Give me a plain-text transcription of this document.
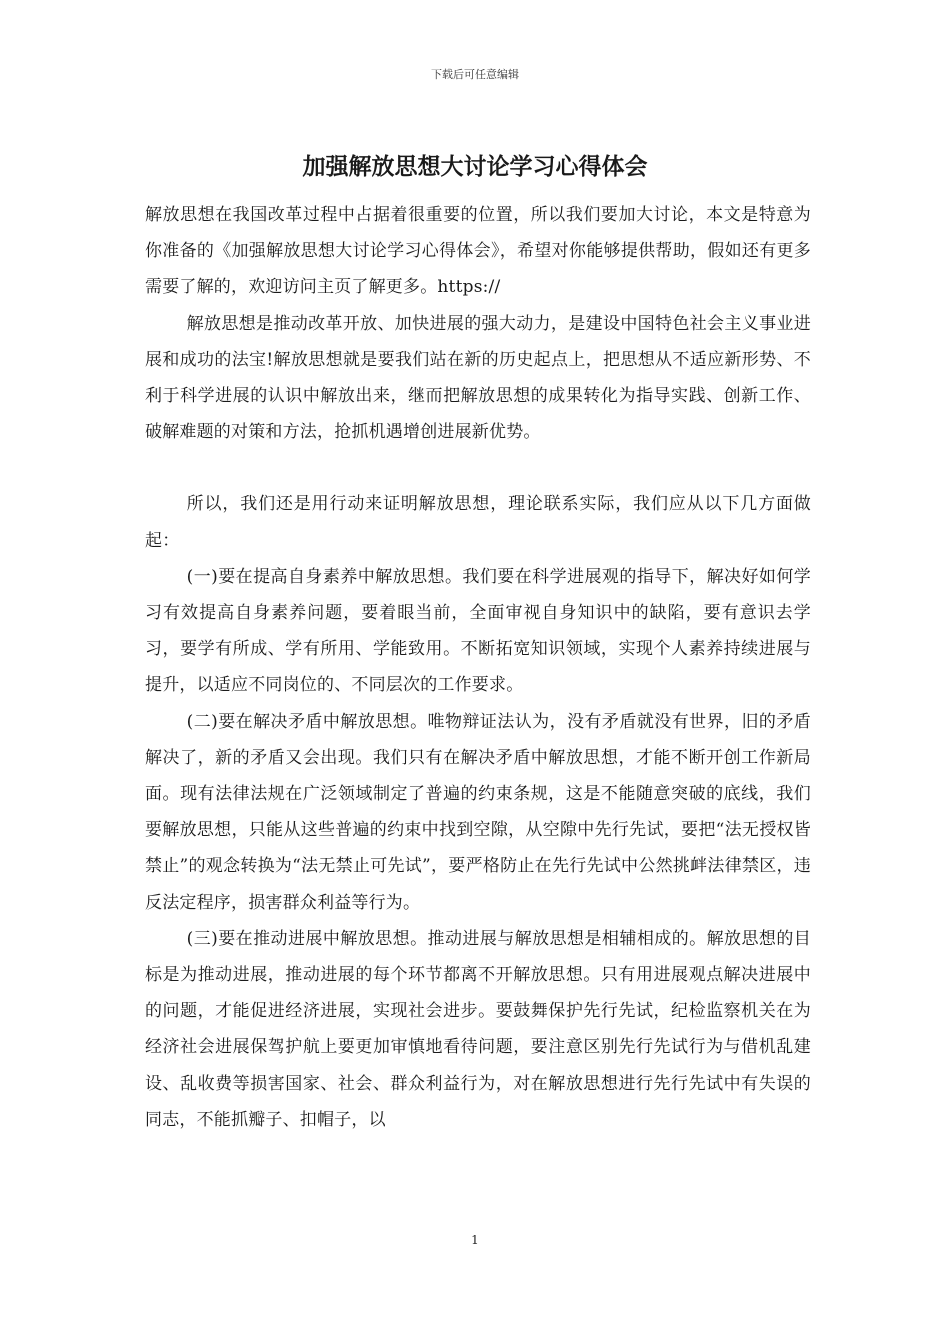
下载后可任意编辑
加强解放思想大讨论学习心得体会

解放思想在我国改革过程中占据着很重要的位置，所以我们要加大讨论，本文是特意为你准备的《加强解放思想大讨论学习心得体会》，希望对你能够提供帮助，假如还有更多需要了解的，欢迎访问主页了解更多。https://

解放思想是推动改革开放、加快进展的强大动力，是建设中国特色社会主义事业进展和成功的法宝!解放思想就是要我们站在新的历史起点上，把思想从不适应新形势、不利于科学进展的认识中解放出来，继而把解放思想的成果转化为指导实践、创新工作、破解难题的对策和方法，抢抓机遇增创进展新优势。

所以，我们还是用行动来证明解放思想，理论联系实际，我们应从以下几方面做起：

(一)要在提高自身素养中解放思想。我们要在科学进展观的指导下，解决好如何学习有效提高自身素养问题，要着眼当前，全面审视自身知识中的缺陷，要有意识去学习，要学有所成、学有所用、学能致用。不断拓宽知识领域，实现个人素养持续进展与提升，以适应不同岗位的、不同层次的工作要求。

(二)要在解决矛盾中解放思想。唯物辩证法认为，没有矛盾就没有世界，旧的矛盾解决了，新的矛盾又会出现。我们只有在解决矛盾中解放思想，才能不断开创工作新局面。现有法律法规在广泛领域制定了普遍的约束条规，这是不能随意突破的底线，我们要解放思想，只能从这些普遍的约束中找到空隙，从空隙中先行先试，要把“法无授权皆禁止”的观念转换为“法无禁止可先试”，要严格防止在先行先试中公然挑衅法律禁区，违反法定程序，损害群众利益等行为。

(三)要在推动进展中解放思想。推动进展与解放思想是相辅相成的。解放思想的目标是为推动进展，推动进展的每个环节都离不开解放思想。只有用进展观点解决进展中的问题，才能促进经济进展，实现社会进步。要鼓舞保护先行先试，纪检监察机关在为经济社会进展保驾护航上要更加审慎地看待问题，要注意区别先行先试行为与借机乱建设、乱收费等损害国家、社会、群众利益行为，对在解放思想进行先行先试中有失误的同志，不能抓瓣子、扣帽子，以

1
